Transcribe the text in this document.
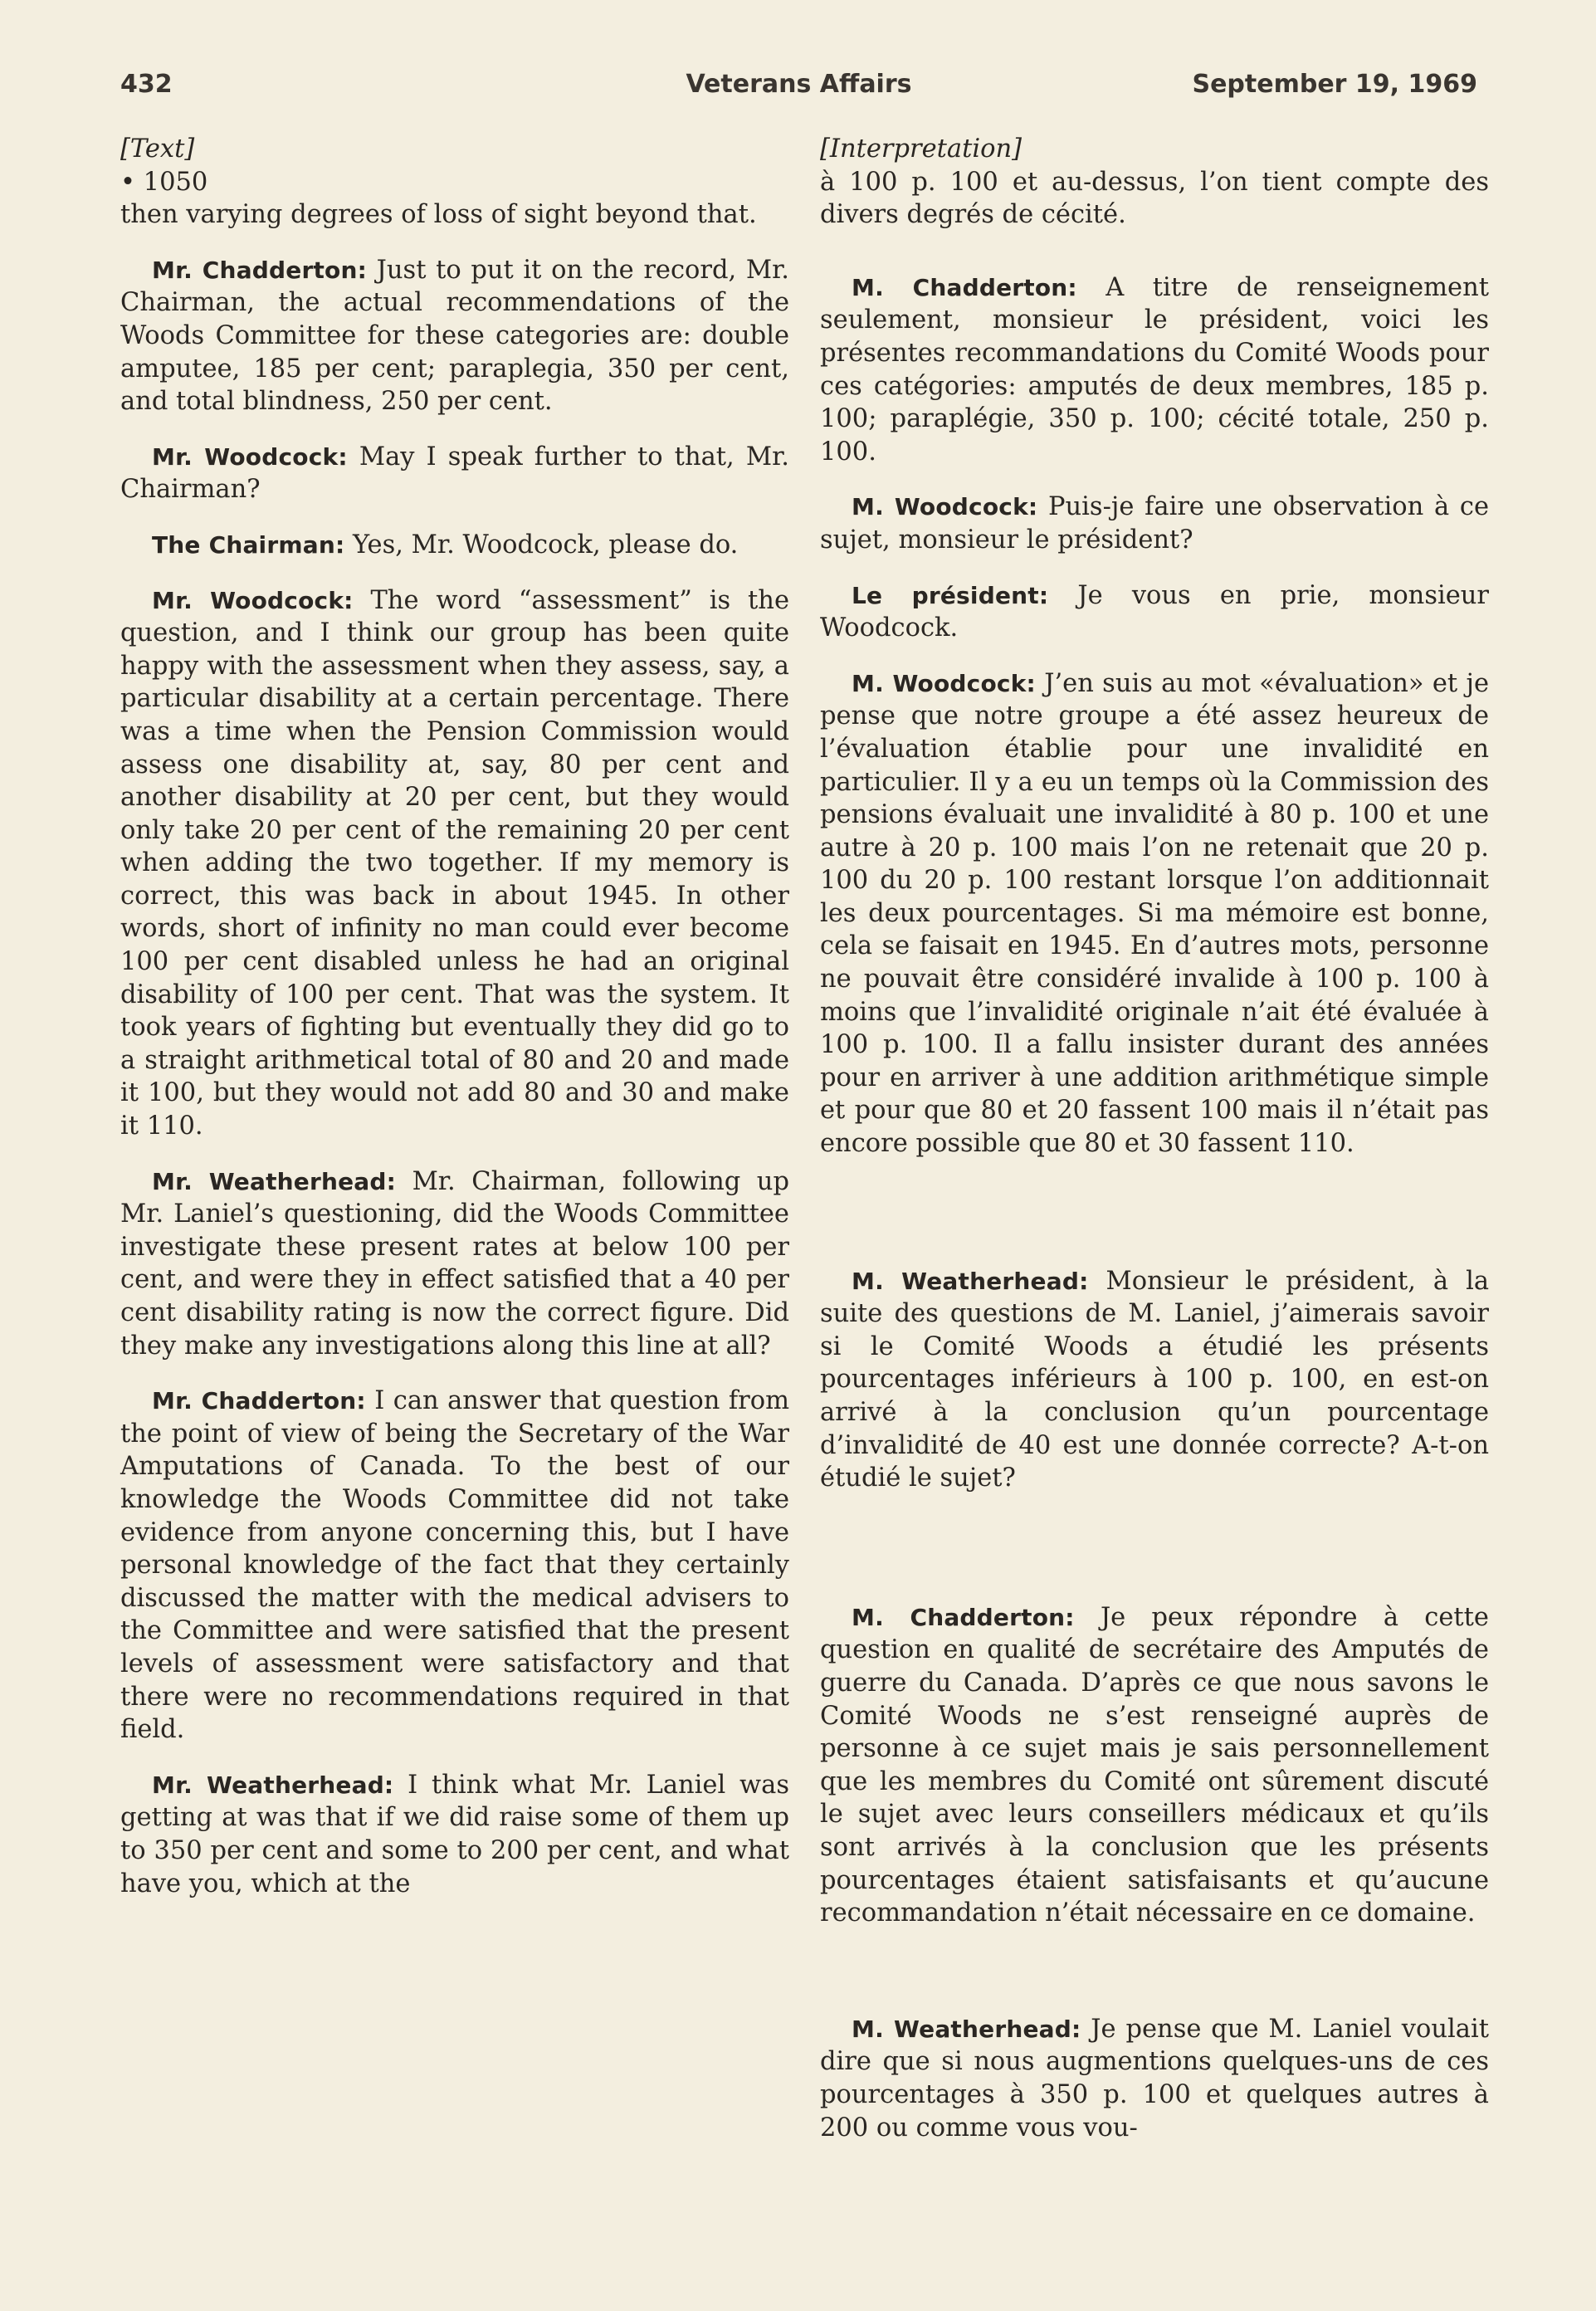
432	Veterans Affairs	September 19, 1969

[Text]

• 1050

then varying degrees of loss of sight beyond that.

Mr. Chadderton: Just to put it on the record, Mr. Chairman, the actual recommendations of the Woods Committee for these categories are: double amputee, 185 per cent; paraplegia, 350 per cent, and total blindness, 250 per cent.

Mr. Woodcock: May I speak further to that, Mr. Chairman?

The Chairman: Yes, Mr. Woodcock, please do.

Mr. Woodcock: The word “assessment” is the question, and I think our group has been quite happy with the assessment when they assess, say, a particular disability at a certain percentage. There was a time when the Pension Commission would assess one disability at, say, 80 per cent and another disability at 20 per cent, but they would only take 20 per cent of the remaining 20 per cent when adding the two together. If my memory is correct, this was back in about 1945. In other words, short of infinity no man could ever become 100 per cent disabled unless he had an original disability of 100 per cent. That was the system. It took years of fighting but eventually they did go to a straight arithmetical total of 80 and 20 and made it 100, but they would not add 80 and 30 and make it 110.

Mr. Weatherhead: Mr. Chairman, following up Mr. Laniel’s questioning, did the Woods Committee investigate these present rates at below 100 per cent, and were they in effect satisfied that a 40 per cent disability rating is now the correct figure. Did they make any investigations along this line at all?

Mr. Chadderton: I can answer that question from the point of view of being the Secretary of the War Amputations of Canada. To the best of our knowledge the Woods Committee did not take evidence from anyone concerning this, but I have personal knowledge of the fact that they certainly discussed the matter with the medical advisers to the Committee and were satisfied that the present levels of assessment were satisfactory and that there were no recommendations required in that field.

Mr. Weatherhead: I think what Mr. Laniel was getting at was that if we did raise some of them up to 350 per cent and some to 200 per cent, and what have you, which at the

[Interpretation]

à 100 p. 100 et au-dessus, l’on tient compte des divers degrés de cécité.

M. Chadderton: A titre de renseignement seulement, monsieur le président, voici les présentes recommandations du Comité Woods pour ces catégories: amputés de deux membres, 185 p. 100; paraplégie, 350 p. 100; cécité totale, 250 p. 100.

M. Woodcock: Puis-je faire une observation à ce sujet, monsieur le président?

Le président: Je vous en prie, monsieur Woodcock.

M. Woodcock: J’en suis au mot «évaluation» et je pense que notre groupe a été assez heureux de l’évaluation établie pour une invalidité en particulier. Il y a eu un temps où la Commission des pensions évaluait une invalidité à 80 p. 100 et une autre à 20 p. 100 mais l’on ne retenait que 20 p. 100 du 20 p. 100 restant lorsque l’on additionnait les deux pourcentages. Si ma mémoire est bonne, cela se faisait en 1945. En d’autres mots, personne ne pouvait être considéré invalide à 100 p. 100 à moins que l’invalidité originale n’ait été évaluée à 100 p. 100. Il a fallu insister durant des années pour en arriver à une addition arithmétique simple et pour que 80 et 20 fassent 100 mais il n’était pas encore possible que 80 et 30 fassent 110.

M. Weatherhead: Monsieur le président, à la suite des questions de M. Laniel, j’aimerais savoir si le Comité Woods a étudié les présents pourcentages inférieurs à 100 p. 100, en est-on arrivé à la conclusion qu’un pourcentage d’invalidité de 40 est une donnée correcte? A-t-on étudié le sujet?

M. Chadderton: Je peux répondre à cette question en qualité de secrétaire des Amputés de guerre du Canada. D’après ce que nous savons le Comité Woods ne s’est renseigné auprès de personne à ce sujet mais je sais personnellement que les membres du Comité ont sûrement discuté le sujet avec leurs conseillers médicaux et qu’ils sont arrivés à la conclusion que les présents pourcentages étaient satisfaisants et qu’aucune recommandation n’était nécessaire en ce domaine.

M. Weatherhead: Je pense que M. Laniel voulait dire que si nous augmentions quelques-uns de ces pourcentages à 350 p. 100 et quelques autres à 200 ou comme vous vou-
